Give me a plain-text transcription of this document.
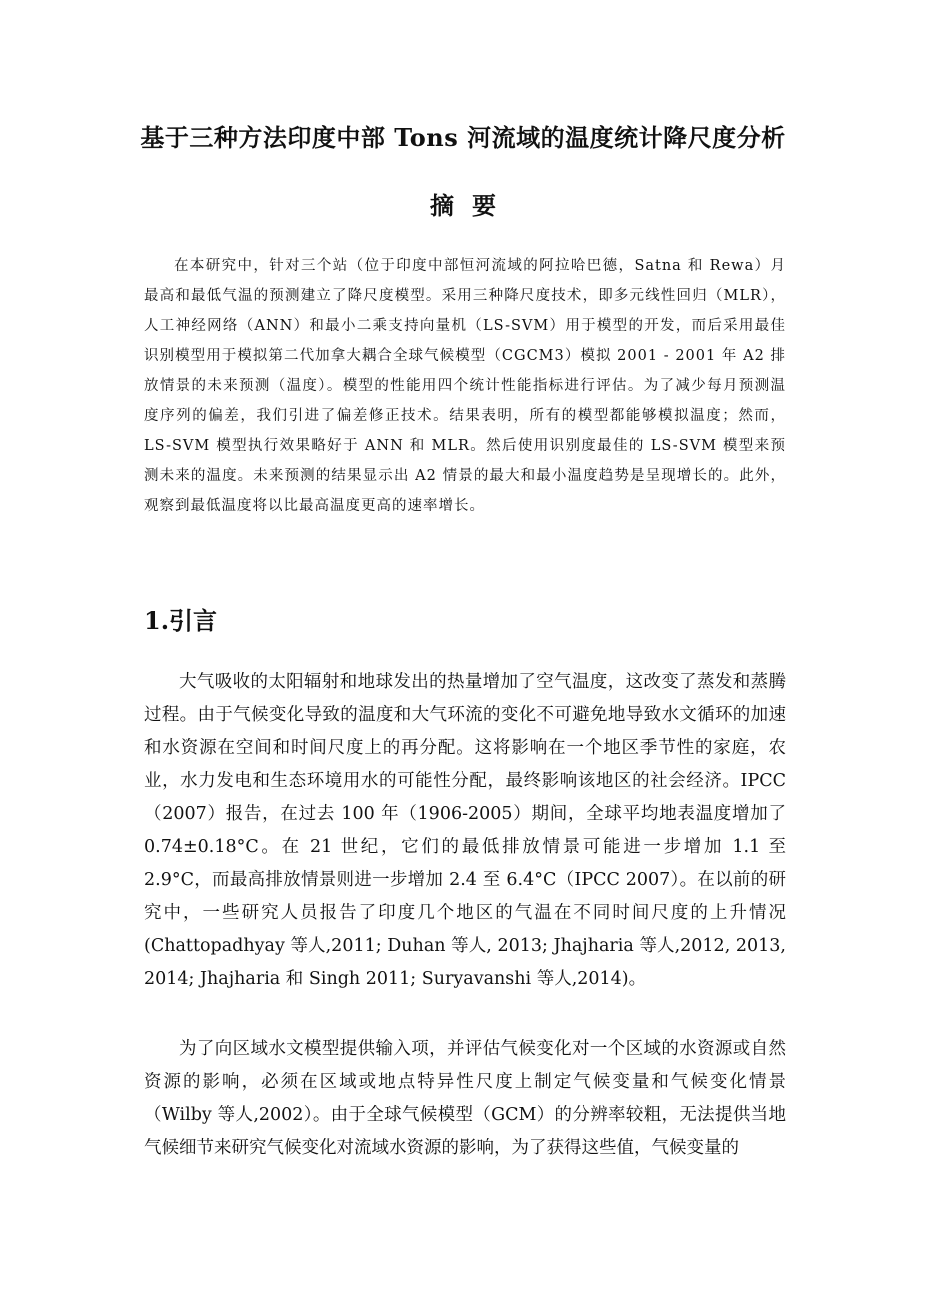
基于三种方法印度中部 Tons 河流域的温度统计降尺度分析
摘要
在本研究中，针对三个站（位于印度中部恒河流域的阿拉哈巴德，Satna 和 Rewa）月最高和最低气温的预测建立了降尺度模型。采用三种降尺度技术，即多元线性回归（MLR），人工神经网络（ANN）和最小二乘支持向量机（LS-SVM）用于模型的开发，而后采用最佳识别模型用于模拟第二代加拿大耦合全球气候模型（CGCM3）模拟 2001 - 2001 年 A2 排放情景的未来预测（温度）。模型的性能用四个统计性能指标进行评估。为了减少每月预测温度序列的偏差，我们引进了偏差修正技术。结果表明，所有的模型都能够模拟温度；然而，LS-SVM 模型执行效果略好于 ANN 和 MLR。然后使用识别度最佳的 LS-SVM 模型来预测未来的温度。未来预测的结果显示出 A2 情景的最大和最小温度趋势是呈现增长的。此外，观察到最低温度将以比最高温度更高的速率增长。
1.引言
大气吸收的太阳辐射和地球发出的热量增加了空气温度，这改变了蒸发和蒸腾过程。由于气候变化导致的温度和大气环流的变化不可避免地导致水文循环的加速和水资源在空间和时间尺度上的再分配。这将影响在一个地区季节性的家庭，农业，水力发电和生态环境用水的可能性分配，最终影响该地区的社会经济。IPCC（2007）报告，在过去 100 年（1906-2005）期间，全球平均地表温度增加了 0.74±0.18°C。在 21 世纪，它们的最低排放情景可能进一步增加 1.1 至 2.9°C，而最高排放情景则进一步增加 2.4 至 6.4°C（IPCC 2007）。在以前的研究中，一些研究人员报告了印度几个地区的气温在不同时间尺度的上升情况 (Chattopadhyay 等人,2011; Duhan 等人, 2013; Jhajharia 等人,2012, 2013, 2014; Jhajharia 和 Singh 2011; Suryavanshi 等人,2014)。
为了向区域水文模型提供输入项，并评估气候变化对一个区域的水资源或自然资源的影响，必须在区域或地点特异性尺度上制定气候变量和气候变化情景（Wilby 等人,2002）。由于全球气候模型（GCM）的分辨率较粗，无法提供当地气候细节来研究气候变化对流域水资源的影响，为了获得这些值，气候变量的
